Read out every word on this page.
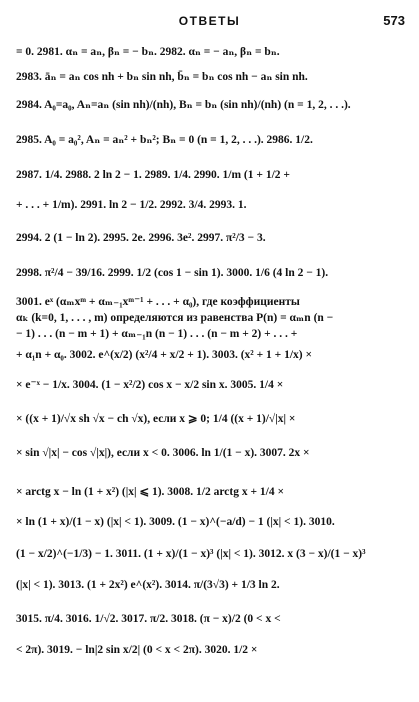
ОТВЕТЫ	573
= 0. 2981. αₙ = aₙ, βₙ = − bₙ. 2982. αₙ = − aₙ, βₙ = bₙ.
2983. āₙ = aₙ cos nh + bₙ sin nh, b̄ₙ = bₙ cos nh − aₙ sin nh.
2984. A₀=a₀, Aₙ=aₙ (sin nh)/(nh), Bₙ = bₙ (sin nh)/(nh) (n = 1, 2, . . .).
2985. A₀ = a₀², Aₙ = aₙ² + bₙ²; Bₙ = 0 (n = 1, 2, . . .). 2986. 1/2.
2987. 1/4. 2988. 2 ln 2 − 1. 2989. 1/4. 2990. 1/m (1 + 1/2 +
+ . . . + 1/m). 2991. ln 2 − 1/2. 2992. 3/4. 2993. 1.
2994. 2 (1 − ln 2). 2995. 2e. 2996. 3e². 2997. π²/3 − 3.
2998. π²/4 − 39/16. 2999. 1/2 (cos 1 − sin 1). 3000. 1/6 (4 ln 2 − 1).
3001. eˣ (αₘxᵐ + αₘ₋₁xᵐ⁻¹ + . . . + α₀), где коэффициенты
αₖ (k=0, 1, . . . , m) определяются из равенства P(n) = αₘn (n −
− 1) . . . (n − m + 1) + αₘ₋₁n (n − 1) . . . (n − m + 2) + . . . +
+ α₁n + α₀. 3002. e^(x/2) (x²/4 + x/2 + 1). 3003. (x² + 1 + 1/x) ×
× e⁻ˣ − 1/x. 3004. (1 − x²/2) cos x − x/2 sin x. 3005. 1/4 ×
× ((x + 1)/√x sh √x − ch √x), если x ⩾ 0; 1/4 ((x + 1)/√|x| ×
× sin √|x| − cos √|x|), если x < 0. 3006. ln 1/(1 − x). 3007. 2x ×
× arctg x − ln (1 + x²) (|x| ⩽ 1). 3008. 1/2 arctg x + 1/4 ×
× ln (1 + x)/(1 − x) (|x| < 1). 3009. (1 − x)^(−a/d) − 1 (|x| < 1). 3010.
(1 − x/2)^(−1/3) − 1. 3011. (1 + x)/(1 − x)³ (|x| < 1). 3012. x (3 − x)/(1 − x)³
(|x| < 1). 3013. (1 + 2x²) e^(x²). 3014. π/(3√3) + 1/3 ln 2.
3015. π/4. 3016. 1/√2. 3017. π/2. 3018. (π − x)/2 (0 < x <
< 2π). 3019. − ln|2 sin x/2| (0 < x < 2π). 3020. 1/2 ×
